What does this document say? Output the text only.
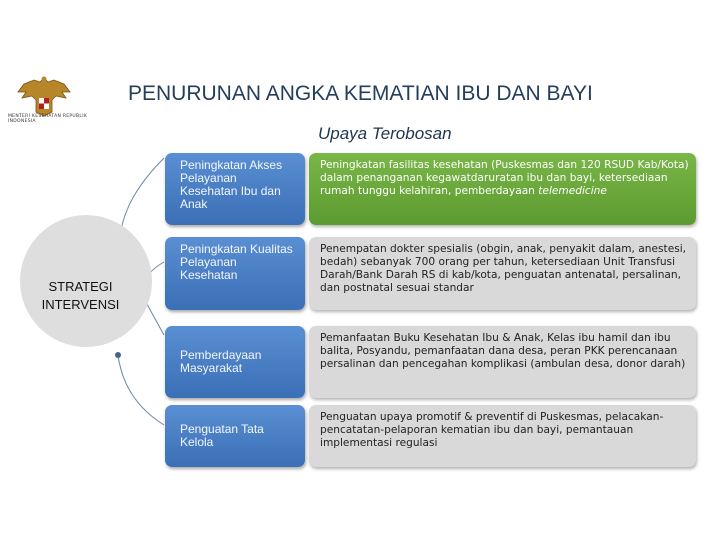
MENTERI KESEHATAN REPUBLIK INDONESIA
PENURUNAN ANGKA KEMATIAN IBU DAN BAYI
Upaya Terobosan
STRATEGI INTERVENSI
Peningkatan Akses Pelayanan Kesehatan Ibu dan Anak
Peningkatan fasilitas kesehatan (Puskesmas dan 120 RSUD Kab/Kota) dalam penanganan kegawatdaruratan ibu dan bayi, ketersediaan rumah tunggu kelahiran, pemberdayaan telemedicine
Peningkatan Kualitas Pelayanan Kesehatan
Penempatan dokter spesialis (obgin, anak, penyakit dalam, anestesi, bedah) sebanyak 700 orang per tahun, ketersediaan Unit Transfusi Darah/Bank Darah RS di kab/kota, penguatan antenatal, persalinan, dan postnatal sesuai standar
Pemberdayaan Masyarakat
Pemanfaatan Buku Kesehatan Ibu & Anak, Kelas ibu hamil dan ibu balita, Posyandu, pemanfaatan dana desa, peran PKK perencanaan persalinan dan pencegahan komplikasi (ambulan desa, donor darah)
Penguatan Tata Kelola
Penguatan upaya promotif & preventif di Puskesmas, pelacakan-pencatatan-pelaporan kematian ibu dan bayi, pemantauan implementasi regulasi
